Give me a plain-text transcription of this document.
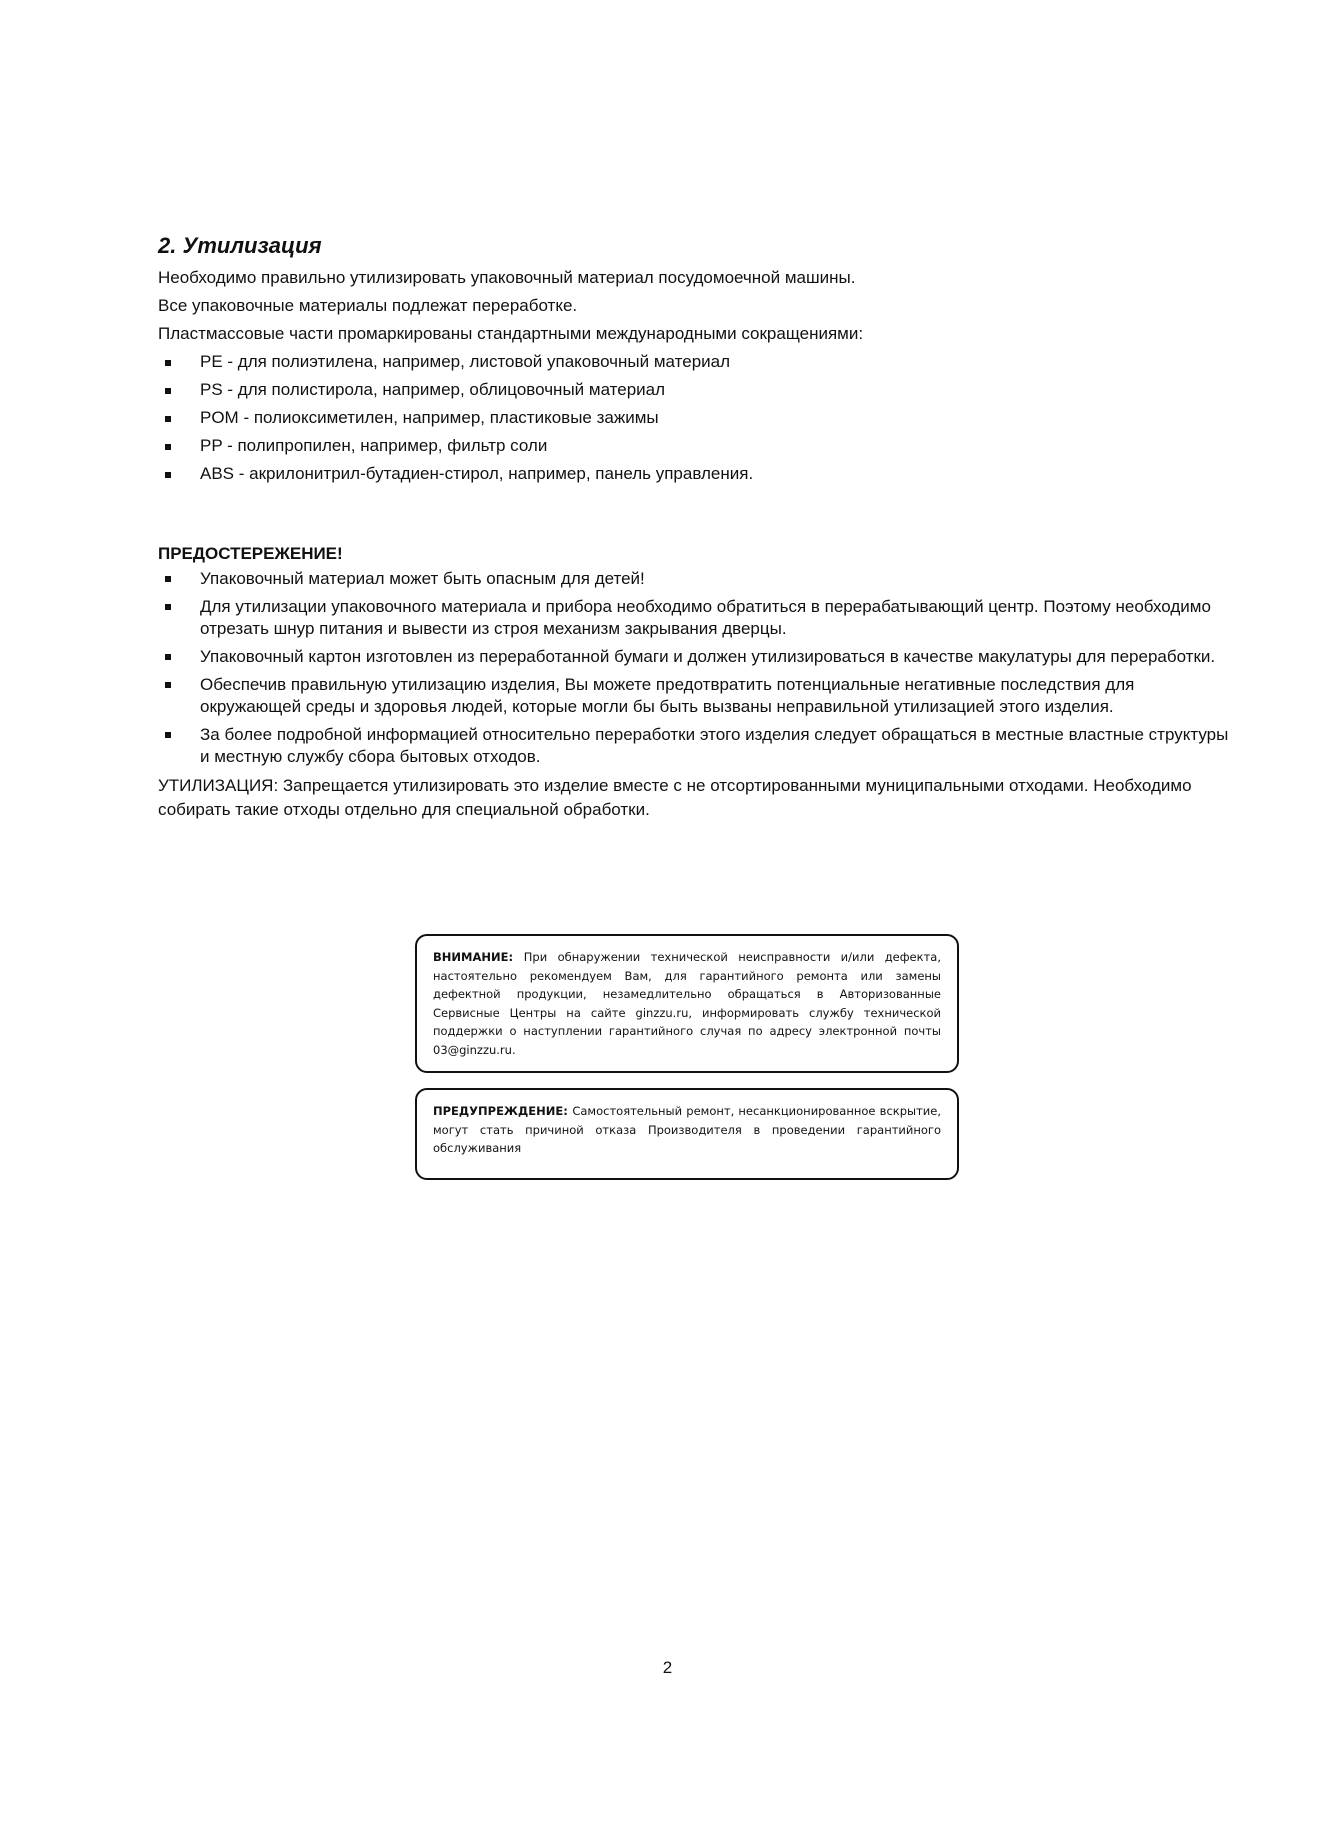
2. Утилизация

Необходимо правильно утилизировать упаковочный материал посудомоечной машины.

Все упаковочные материалы подлежат переработке.

Пластмассовые части промаркированы стандартными международными сокращениями:

PE - для полиэтилена, например, листовой упаковочный материал
PS - для полистирола, например, облицовочный материал
POM - полиоксиметилен, например, пластиковые зажимы
PP - полипропилен, например, фильтр соли
ABS - акрилонитрил-бутадиен-стирол, например, панель управления.

ПРЕДОСТЕРЕЖЕНИЕ!

Упаковочный материал может быть опасным для детей!
Для утилизации упаковочного материала и прибора необходимо обратиться в перерабатывающий центр. Поэтому необходимо отрезать шнур питания и вывести из строя механизм закрывания дверцы.
Упаковочный картон изготовлен из переработанной бумаги и должен утилизироваться в качестве макулатуры для переработки.
Обеспечив правильную утилизацию изделия, Вы можете предотвратить потенциальные негативные последствия для окружающей среды и здоровья людей, которые могли бы быть вызваны неправильной утилизацией этого изделия.
За более подробной информацией относительно переработки этого изделия следует обращаться в местные властные структуры и местную службу сбора бытовых отходов.

УТИЛИЗАЦИЯ: Запрещается утилизировать это изделие вместе с не отсортированными муниципальными отходами. Необходимо собирать такие отходы отдельно для специальной обработки.

ВНИМАНИЕ: При обнаружении технической неисправности и/или дефекта, настоятельно рекомендуем Вам, для гарантийного ремонта или замены дефектной продукции, незамедлительно обращаться в Авторизованные Сервисные Центры на сайте ginzzu.ru, информировать службу технической поддержки о наступлении гарантийного случая по адресу электронной почты 03@ginzzu.ru.
ПРЕДУПРЕЖДЕНИЕ: Самостоятельный ремонт, несанкционированное вскрытие, могут стать причиной отказа Производителя в проведении гарантийного обслуживания
2
